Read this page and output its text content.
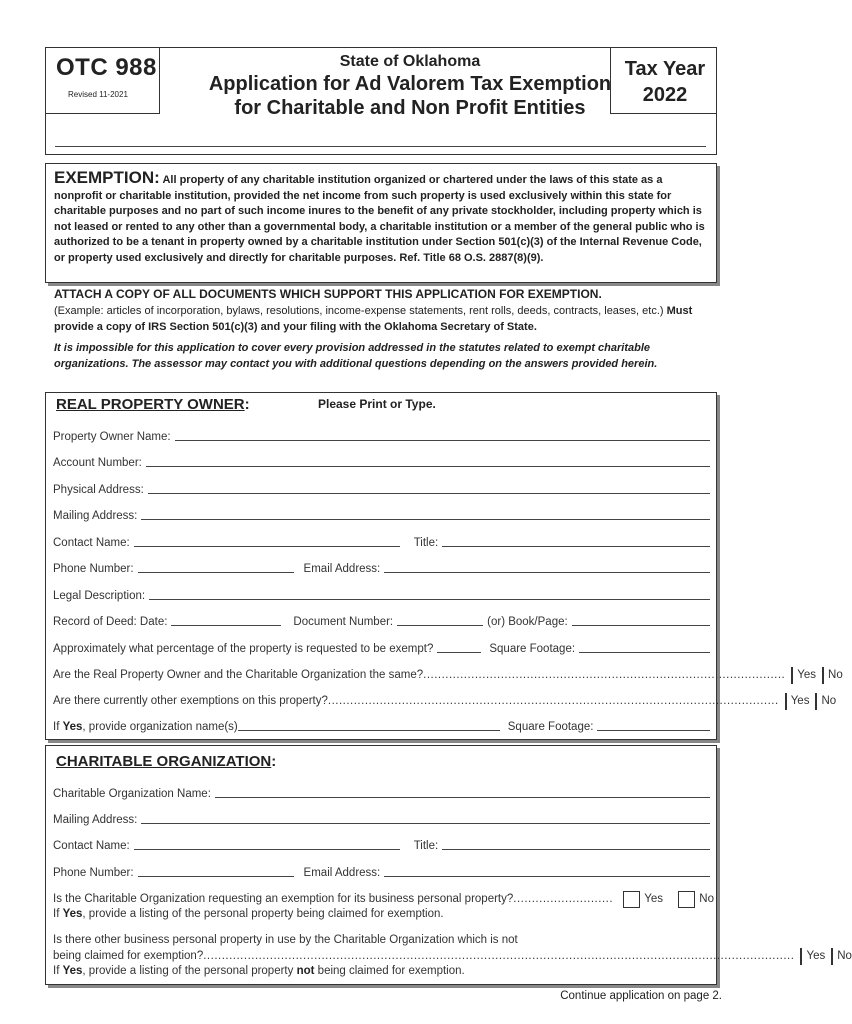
OTC 988
Revised 11-2021
State of Oklahoma
Application for Ad Valorem Tax Exemption
for Charitable and Non Profit Entities
Tax Year
2022
EXEMPTION: All property of any charitable institution organized or chartered under the laws of this state as a nonprofit or charitable institution, provided the net income from such property is used exclusively within this state for charitable purposes and no part of such income inures to the benefit of any private stockholder, including property which is not leased or rented to any other than a governmental body, a charitable institution or a member of the general public who is authorized to be a tenant in property owned by a charitable institution under Section 501(c)(3) of the Internal Revenue Code, or property used exclusively and directly for charitable purposes. Ref. Title 68 O.S. 2887(8)(9).
ATTACH A COPY OF ALL DOCUMENTS WHICH SUPPORT THIS APPLICATION FOR EXEMPTION.
(Example: articles of incorporation, bylaws, resolutions, income-expense statements, rent rolls, deeds, contracts, leases, etc.) Must provide a copy of IRS Section 501(c)(3) and your filing with the Oklahoma Secretary of State.
It is impossible for this application to cover every provision addressed in the statutes related to exempt charitable organizations. The assessor may contact you with additional questions depending on the answers provided herein.
REAL PROPERTY OWNER:	Please Print or Type.
Property Owner Name:
Account Number:
Physical Address:
Mailing Address:
Contact Name:	Title:
Phone Number:	Email Address:
Legal Description:
Record of Deed: Date:	Document Number:	(or) Book/Page:
Approximately what percentage of the property is requested to be exempt?	Square Footage:
Are the Real Property Owner and the Charitable Organization the same? .................................................................................................. Yes No
Are there currently other exemptions on this property? .......................................................................................................................... Yes No
If
Yes , provide organization name(s)	Square Footage:
CHARITABLE ORGANIZATION:
Charitable Organization Name:
Mailing Address:
Contact Name:	Title:
Phone Number:	Email Address:
Is the Charitable Organization requesting an exemption for its business personal property? ...........................	Yes	No
If Yes, provide a listing of the personal property being claimed for exemption.
Is there other business personal property in use by the Charitable Organization which is not
being claimed for exemption? ................................................................................................................................................................ Yes No
If Yes, provide a listing of the personal property not being claimed for exemption.
Continue application on page 2.
